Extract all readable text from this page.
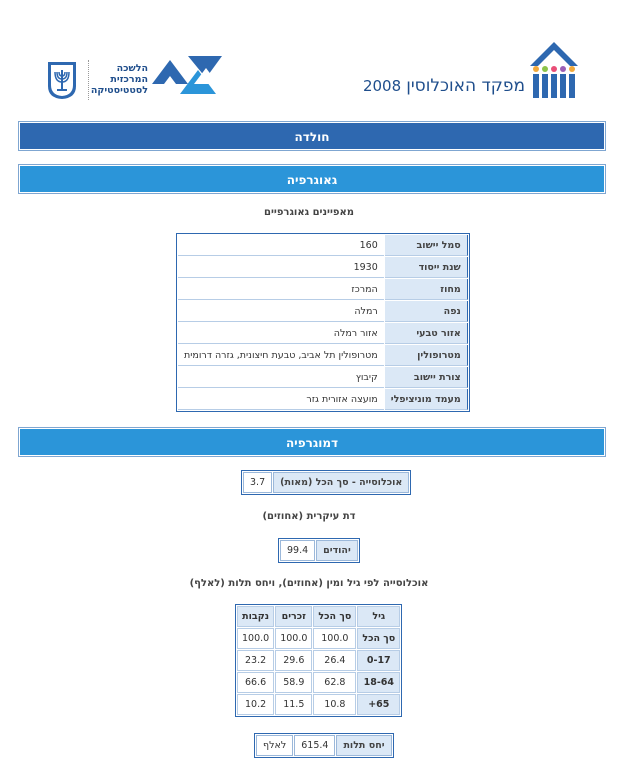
מפקד האוכלוסין 2008
הלשכה
המרכזית
לסטטיסטיקה
חולדה
גאוגרפיה
מאפיינים גאוגרפיים
סמל יישוב	160
שנת ייסוד	1930
מחוז	המרכז
נפה	רמלה
אזור טבעי	אזור רמלה
מטרופולין	מטרופולין תל אביב, טבעת חיצונית, גזרה דרומית
צורת יישוב	קיבוץ
מעמד מוניציפלי	מועצה אזורית גזר
דמוגרפיה
אוכלוסייה - סך הכל (מאות)	3.7
דת עיקרית (אחוזים)
יהודים	99.4
אוכלוסייה לפי גיל ומין (אחוזים), ויחס תלות (לאלף)
גיל	סך הכל	זכרים	נקבות
סך הכל	100.0	100.0	100.0
0-17	26.4	29.6	23.2
18-64	62.8	58.9	66.6
65+	10.8	11.5	10.2
יחס תלות	615.4	לאלף
